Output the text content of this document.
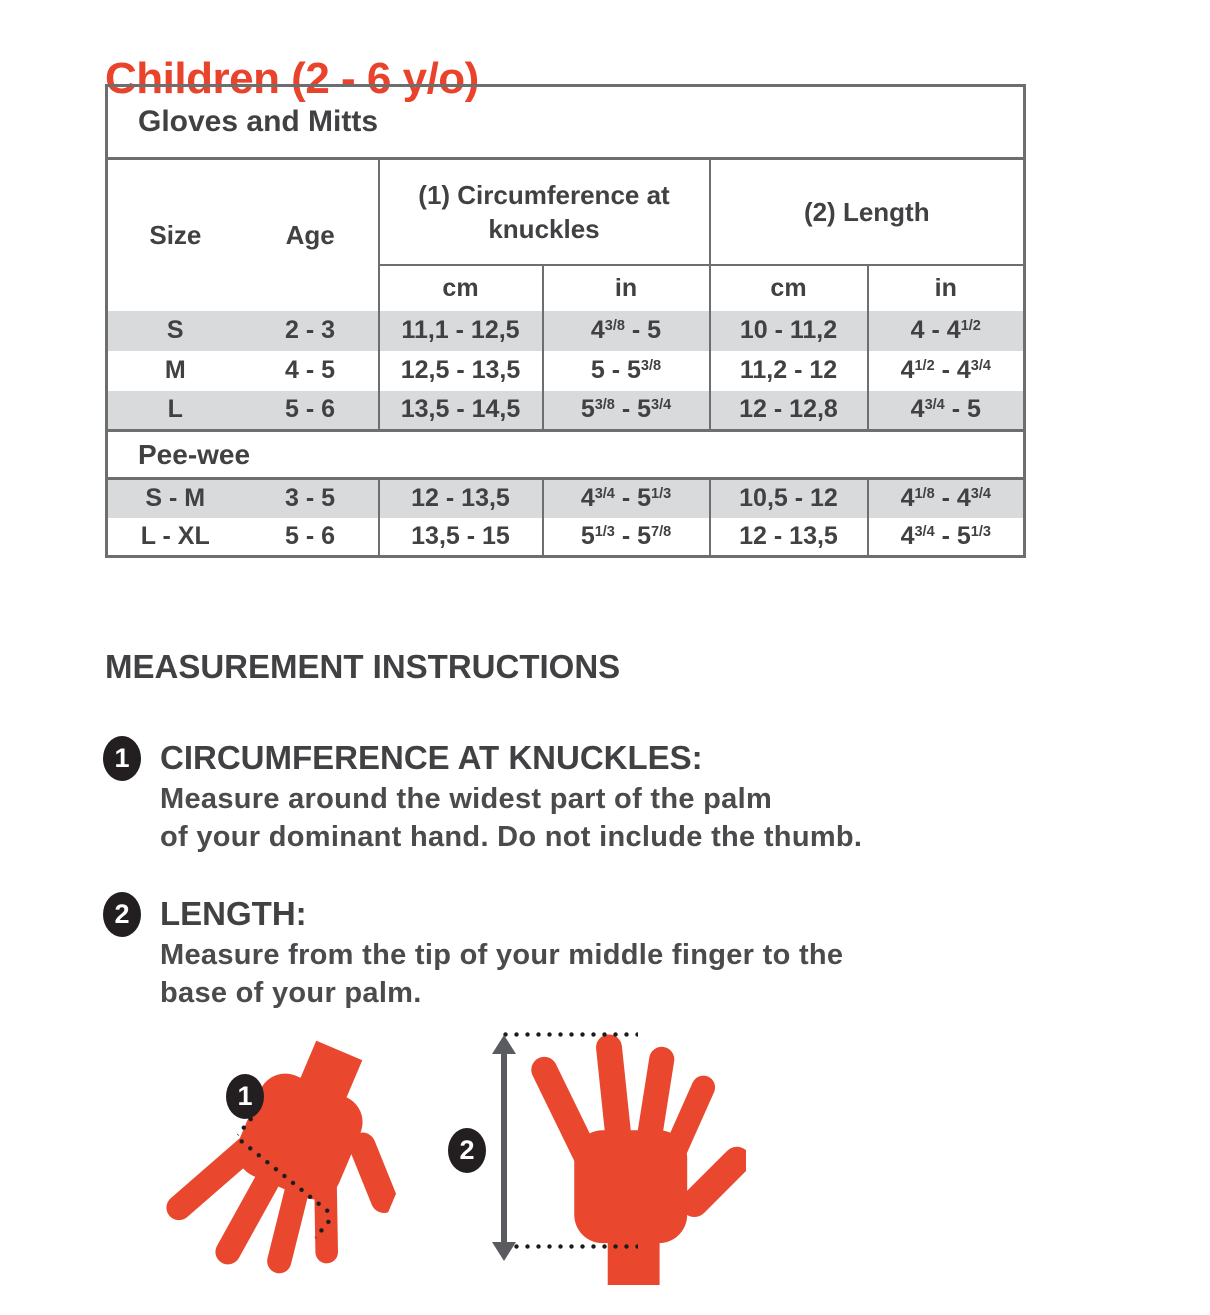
Children (2 - 6 y/o)
Gloves and Mitts					

Size Age		(1) Circumference at knuckles		(2) Length	
		cm	in	cm	in
S	2 - 3	11,1 - 12,5	$4^{3/8} - 5$	10 - 11,2	$4 - 4^{1/2}$
M	4 - 5	12,5 - 13,5	$5 - 5^{3/8}$	11,2 - 12	$4^{1/2} - 4^{3/4}$
L	5 - 6	13,5 - 14,5	$5^{3/8} - 5^{3/4}$	12 - 12,8	$4^{3/4} - 5$
Pee-wee					
S - M	3 - 5	12 - 13,5	$4^{3/4} - 5^{1/3}$	10,5 - 12	$4^{1/8} - 4^{3/4}$
L - XL	5 - 6	13,5 - 15	$5^{1/3} - 5^{7/8}$	12 - 13,5	$4^{3/4} - 5^{1/3}$
MEASUREMENT INSTRUCTIONS
1 CIRCUMFERENCE AT KNUCKLES:
Measure around the widest part of the palm
of your dominant hand. Do not include the thumb.
2 LENGTH:
Measure from the tip of your middle finger to the
base of your palm.
1
2
